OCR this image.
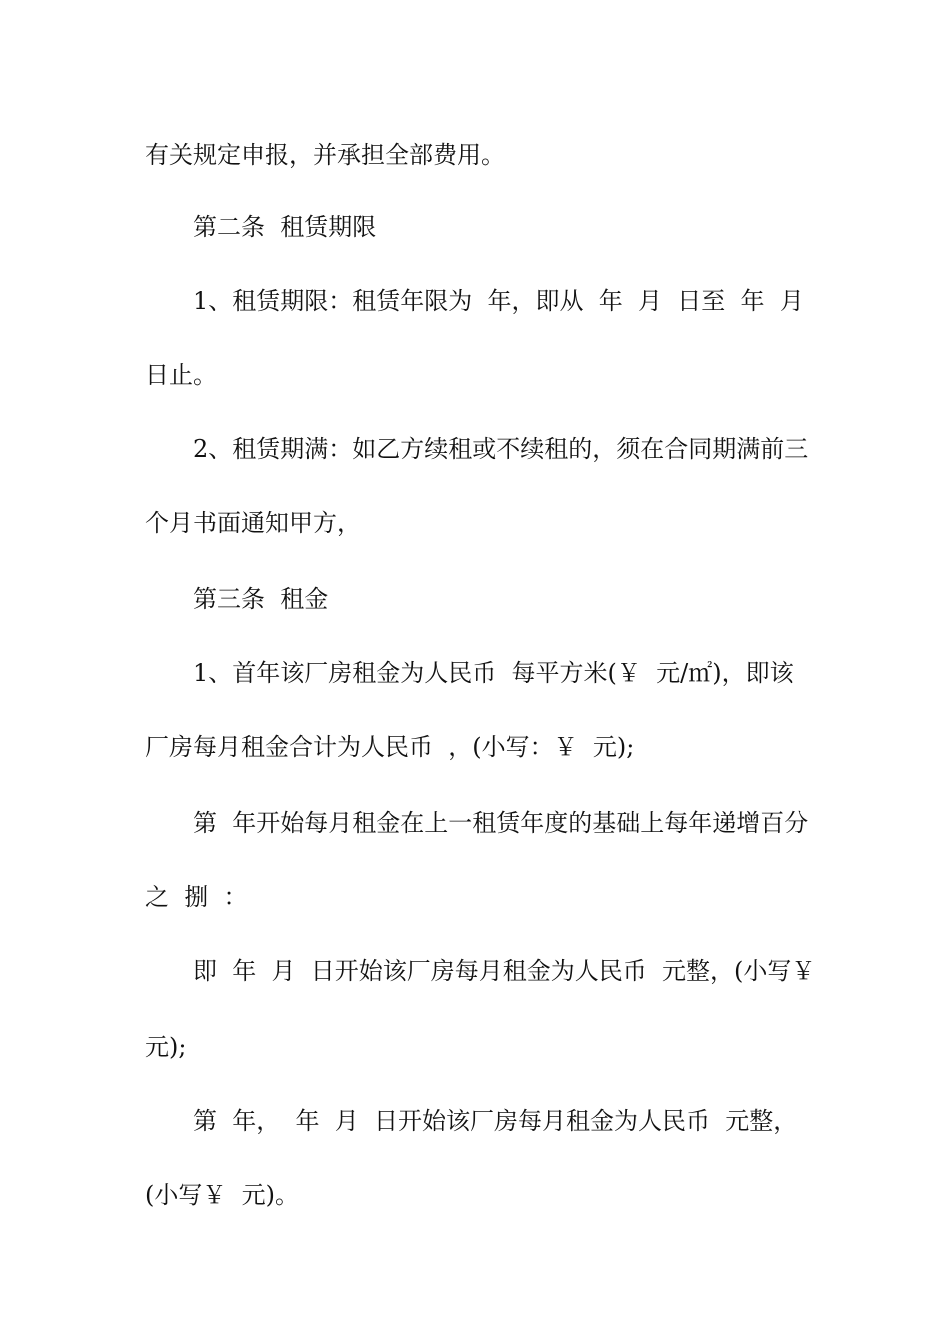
有关规定申报，并承担全部费用。
第二条  租赁期限
1、租赁期限：租赁年限为  年，即从  年  月  日至  年  月
日止。
2、租赁期满：如乙方续租或不续租的，须在合同期满前三
个月书面通知甲方，
第三条  租金
1、首年该厂房租金为人民币  每平方米(￥  元/㎡)，即该
厂房每月租金合计为人民币  ，(小写：￥  元);
第  年开始每月租金在上一租赁年度的基础上每年递增百分
之  捌  ：
即  年  月  日开始该厂房每月租金为人民币  元整，(小写￥
元);
第  年，  年  月  日开始该厂房每月租金为人民币  元整，
(小写￥  元)。
